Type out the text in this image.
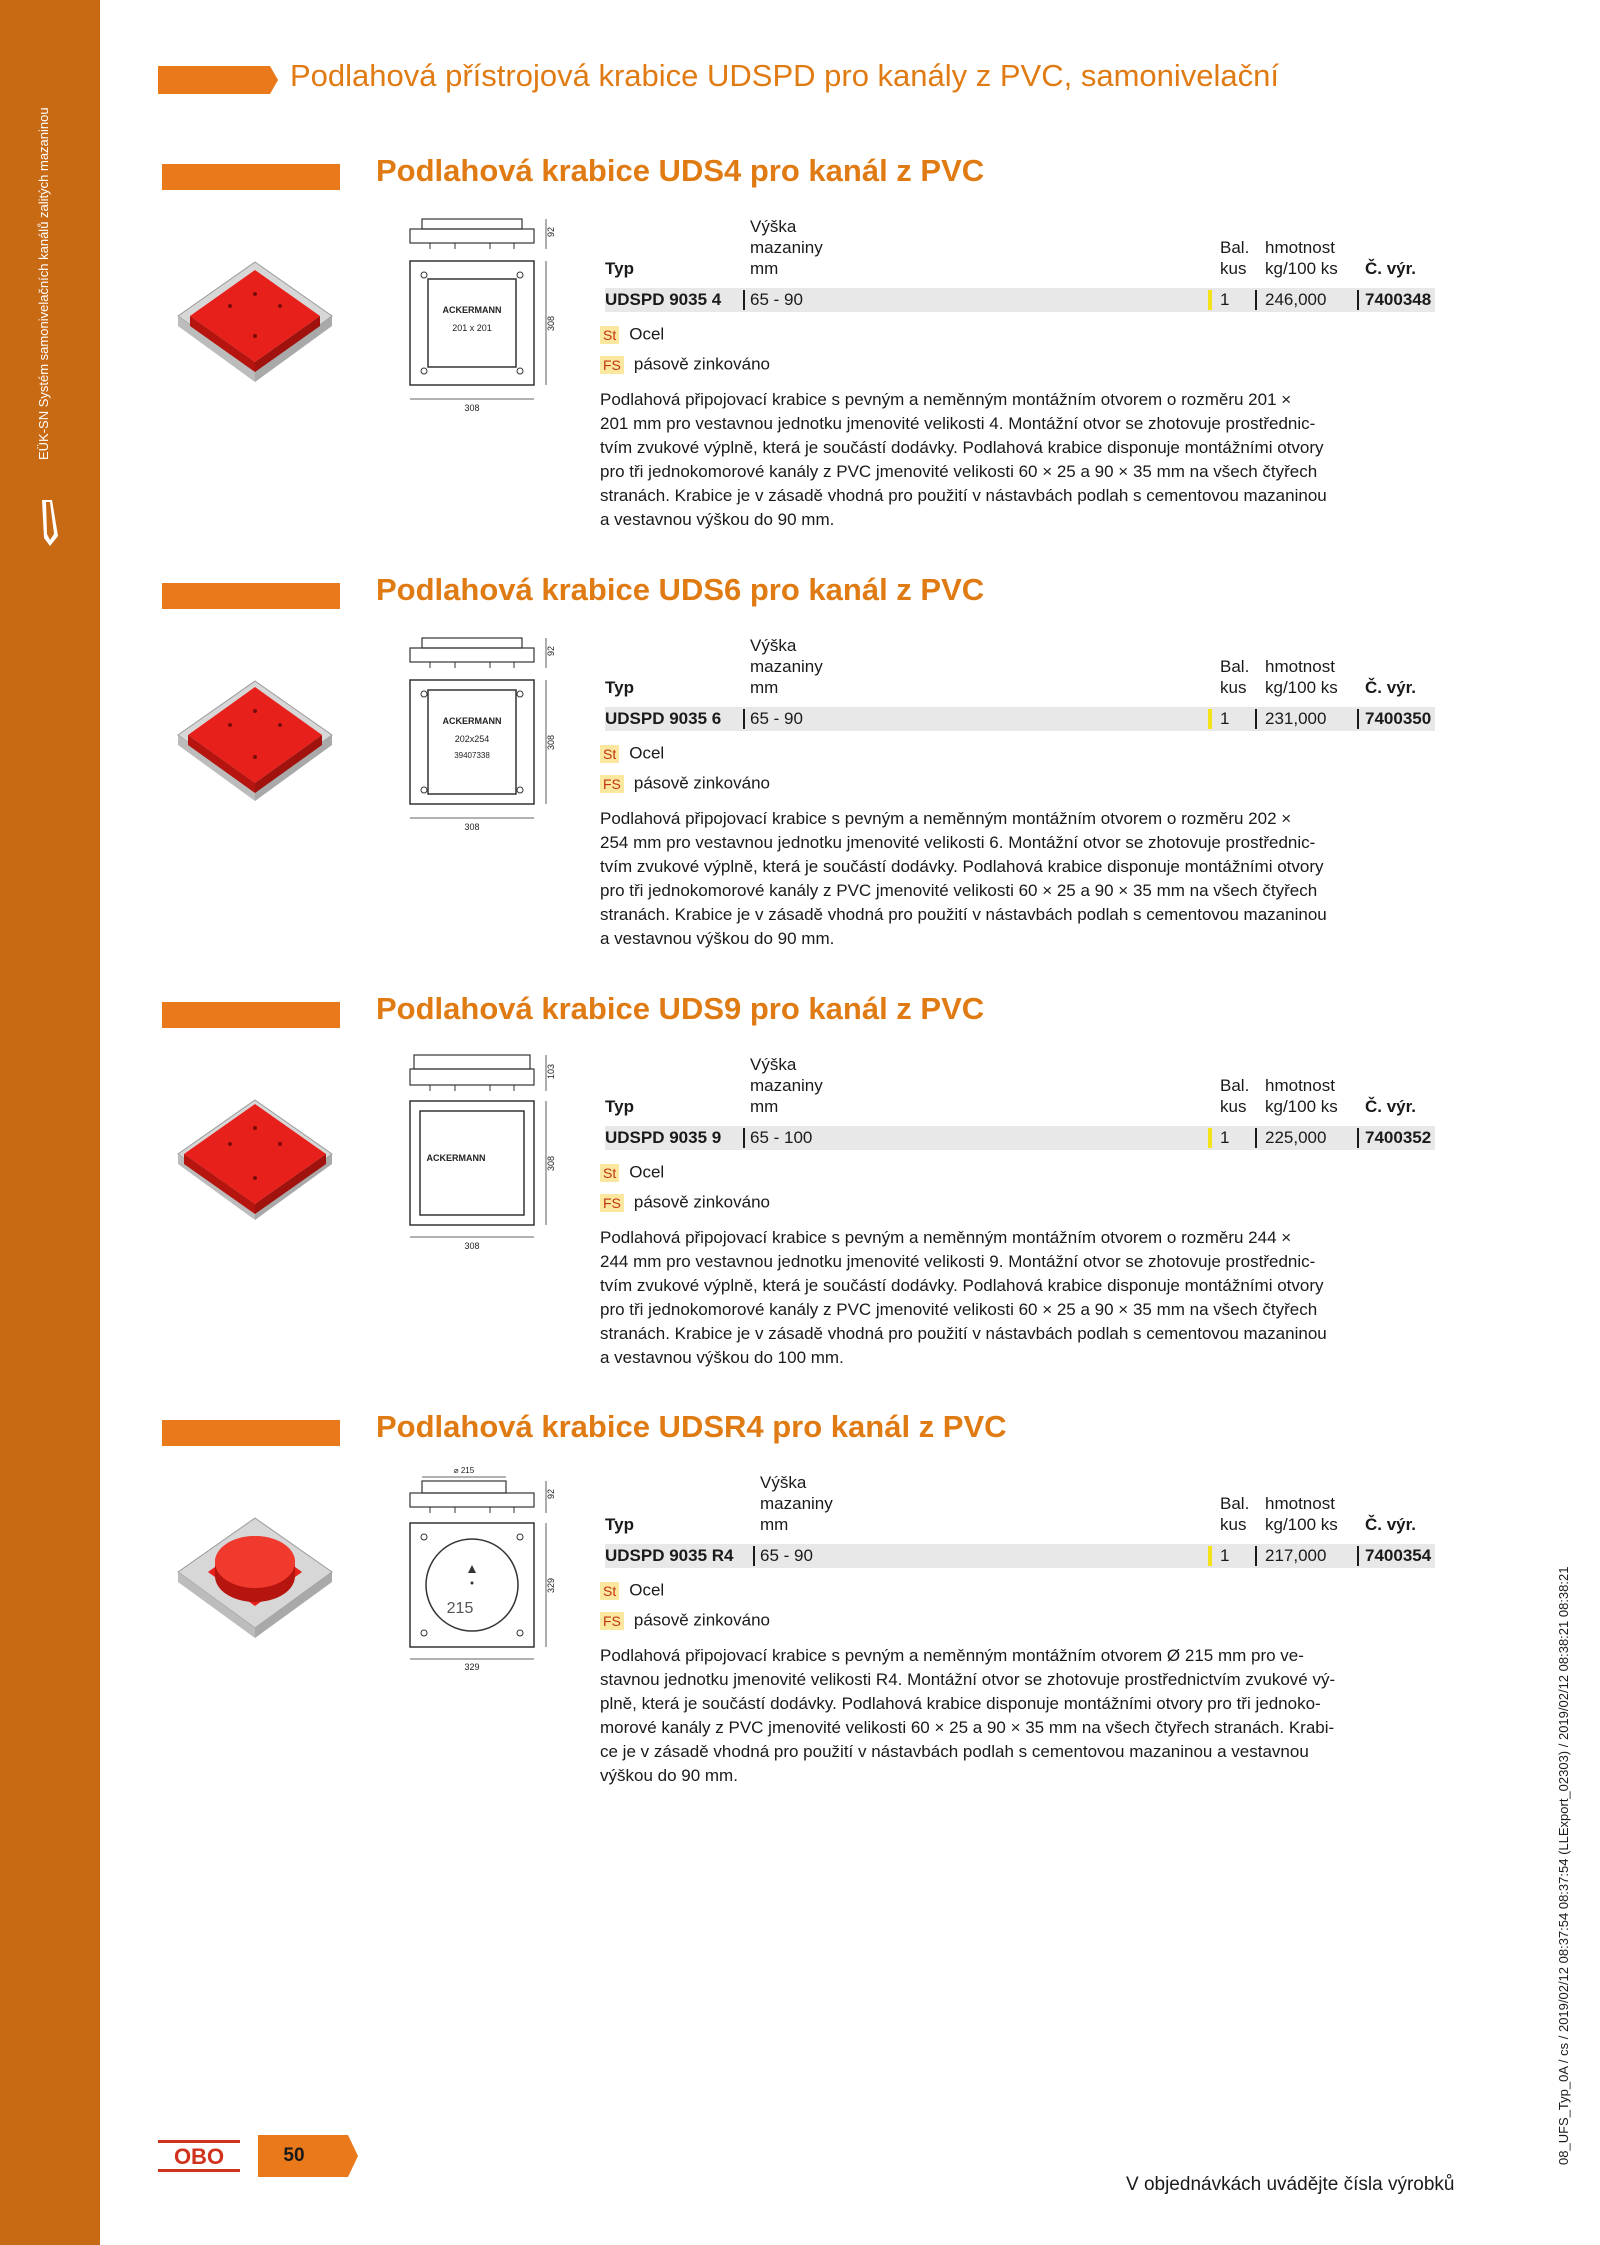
EÜK-SN Systém samonivelačních kanálů zalitých mazaninou
Podlahová přístrojová krabice UDSPD pro kanály z PVC, samonivelační
Podlahová krabice UDS4 pro kanál z PVC
ACKERMANN
201 x 201
92
308
308
Výška
mazaniny
Typ	mm
Bal. hmotnost
kus kg/100 ks Č. výr.
UDSPD 9035 4 65 - 90	1 246,000 7400348
St Ocel
FS pásově zinkováno
Podlahová připojovací krabice s pevným a neměnným montážním otvorem o rozměru 201 ×
201 mm pro vestavnou jednotku jmenovité velikosti 4. Montážní otvor se zhotovuje prostřednic-
tvím zvukové výplně, která je součástí dodávky. Podlahová krabice disponuje montážními otvory
pro tři jednokomorové kanály z PVC jmenovité velikosti 60 × 25 a 90 × 35 mm na všech čtyřech
stranách. Krabice je v zásadě vhodná pro použití v nástavbách podlah s cementovou mazaninou
a vestavnou výškou do 90 mm.
Podlahová krabice UDS6 pro kanál z PVC
ACKERMANN
202x254
39407338
92
308
308
Výška
mazaniny
Typ	mm
Bal. hmotnost
kus kg/100 ks Č. výr.
UDSPD 9035 6 65 - 90	1 231,000 7400350
St Ocel
FS pásově zinkováno
Podlahová připojovací krabice s pevným a neměnným montážním otvorem o rozměru 202 ×
254 mm pro vestavnou jednotku jmenovité velikosti 6. Montážní otvor se zhotovuje prostřednic-
tvím zvukové výplně, která je součástí dodávky. Podlahová krabice disponuje montážními otvory
pro tři jednokomorové kanály z PVC jmenovité velikosti 60 × 25 a 90 × 35 mm na všech čtyřech
stranách. Krabice je v zásadě vhodná pro použití v nástavbách podlah s cementovou mazaninou
a vestavnou výškou do 90 mm.
Podlahová krabice UDS9 pro kanál z PVC
ACKERMANN
103
308
308
Výška
mazaniny
Typ	mm
Bal. hmotnost
kus kg/100 ks Č. výr.
UDSPD 9035 9 65 - 100	1 225,000 7400352
St Ocel
FS pásově zinkováno
Podlahová připojovací krabice s pevným a neměnným montážním otvorem o rozměru 244 ×
244 mm pro vestavnou jednotku jmenovité velikosti 9. Montážní otvor se zhotovuje prostřednic-
tvím zvukové výplně, která je součástí dodávky. Podlahová krabice disponuje montážními otvory
pro tři jednokomorové kanály z PVC jmenovité velikosti 60 × 25 a 90 × 35 mm na všech čtyřech
stranách. Krabice je v zásadě vhodná pro použití v nástavbách podlah s cementovou mazaninou
a vestavnou výškou do 100 mm.
Podlahová krabice UDSR4 pro kanál z PVC
⌀ 215
215
92
329
329
Výška
mazaniny
Typ	mm
Bal. hmotnost
kus kg/100 ks Č. výr.
UDSPD 9035 R4 65 - 90	1 217,000 7400354
St Ocel
FS pásově zinkováno
Podlahová připojovací krabice s pevným a neměnným montážním otvorem Ø 215 mm pro ve-
stavnou jednotku jmenovité velikosti R4. Montážní otvor se zhotovuje prostřednictvím zvukové vý-
plně, která je součástí dodávky. Podlahová krabice disponuje montážními otvory pro tři jednoko-
morové kanály z PVC jmenovité velikosti 60 × 25 a 90 × 35 mm na všech čtyřech stranách. Krabi-
ce je v zásadě vhodná pro použití v nástavbách podlah s cementovou mazaninou a vestavnou
výškou do 90 mm.
OBO	50
V objednávkách uvádějte čísla výrobků
08_UFS_Typ_0A / cs / 2019/02/12 08:37:54 08:37:54 (LLExport_02303) / 2019/02/12 08:38:21 08:38:21
